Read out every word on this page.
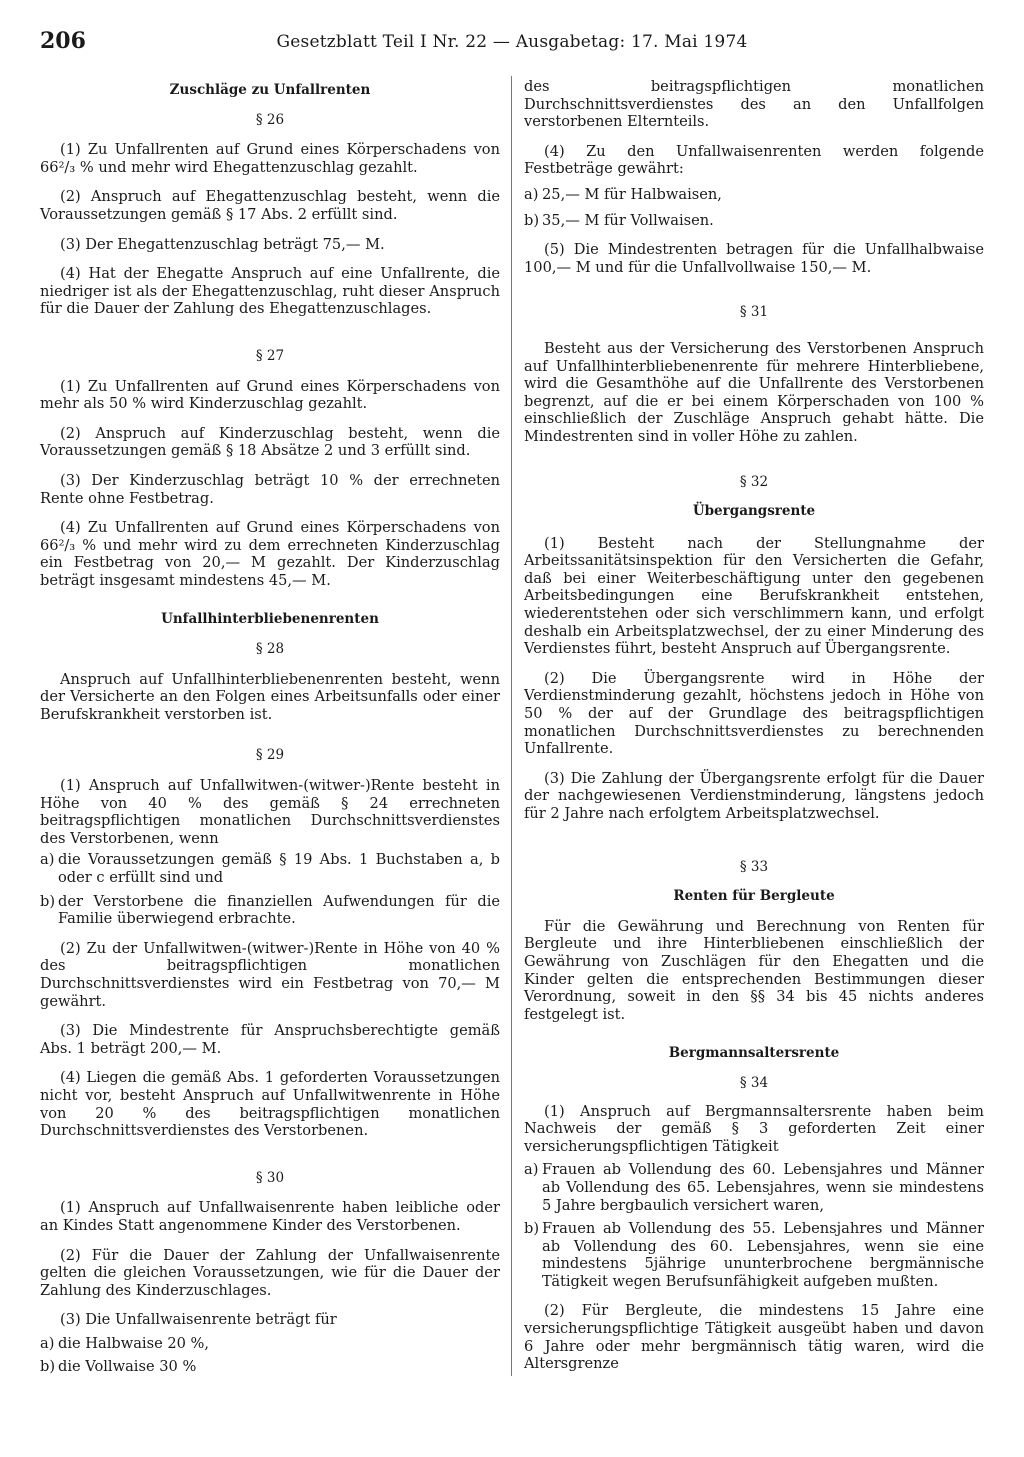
206	Gesetzblatt Teil I Nr. 22 — Ausgabetag: 17. Mai 1974
Zuschläge zu Unfallrenten
§ 26

(1) Zu Unfallrenten auf Grund eines Körperschadens von 66²/₃ % und mehr wird Ehegattenzuschlag gezahlt.

(2) Anspruch auf Ehegattenzuschlag besteht, wenn die Voraussetzungen gemäß § 17 Abs. 2 erfüllt sind.

(3) Der Ehegattenzuschlag beträgt 75,— M.

(4) Hat der Ehegatte Anspruch auf eine Unfallrente, die niedriger ist als der Ehegattenzuschlag, ruht dieser Anspruch für die Dauer der Zahlung des Ehegattenzuschlages.

§ 27

(1) Zu Unfallrenten auf Grund eines Körperschadens von mehr als 50 % wird Kinderzuschlag gezahlt.

(2) Anspruch auf Kinderzuschlag besteht, wenn die Voraussetzungen gemäß § 18 Absätze 2 und 3 erfüllt sind.

(3) Der Kinderzuschlag beträgt 10 % der errechneten Rente ohne Festbetrag.

(4) Zu Unfallrenten auf Grund eines Körperschadens von 66²/₃ % und mehr wird zu dem errechneten Kinderzuschlag ein Festbetrag von 20,— M gezahlt. Der Kinderzuschlag beträgt insgesamt mindestens 45,— M.

Unfallhinterbliebenenrenten
§ 28

Anspruch auf Unfallhinterbliebenenrenten besteht, wenn der Versicherte an den Folgen eines Arbeitsunfalls oder einer Berufskrankheit verstorben ist.

§ 29

(1) Anspruch auf Unfallwitwen-(witwer-)Rente besteht in Höhe von 40 % des gemäß § 24 errechneten beitragspflichtigen monatlichen Durchschnittsverdienstes des Verstorbenen, wenn

a) die Voraussetzungen gemäß § 19 Abs. 1 Buchstaben a, b oder c erfüllt sind und
b) der Verstorbene die finanziellen Aufwendungen für die Familie überwiegend erbrachte.

(2) Zu der Unfallwitwen-(witwer-)Rente in Höhe von 40 % des beitragspflichtigen monatlichen Durchschnittsverdienstes wird ein Festbetrag von 70,— M gewährt.

(3) Die Mindestrente für Anspruchsberechtigte gemäß Abs. 1 beträgt 200,— M.

(4) Liegen die gemäß Abs. 1 geforderten Voraussetzungen nicht vor, besteht Anspruch auf Unfallwitwenrente in Höhe von 20 % des beitragspflichtigen monatlichen Durchschnittsverdienstes des Verstorbenen.

§ 30

(1) Anspruch auf Unfallwaisenrente haben leibliche oder an Kindes Statt angenommene Kinder des Verstorbenen.

(2) Für die Dauer der Zahlung der Unfallwaisenrente gelten die gleichen Voraussetzungen, wie für die Dauer der Zahlung des Kinderzuschlages.

(3) Die Unfallwaisenrente beträgt für

a) die Halbwaise 20 %,
b) die Vollwaise 30 %

des beitragspflichtigen monatlichen Durchschnittsverdienstes des an den Unfallfolgen verstorbenen Elternteils.

(4) Zu den Unfallwaisenrenten werden folgende Festbeträge gewährt:

a) 25,— M für Halbwaisen,
b) 35,— M für Vollwaisen.

(5) Die Mindestrenten betragen für die Unfallhalbwaise 100,— M und für die Unfallvollwaise 150,— M.

§ 31

Besteht aus der Versicherung des Verstorbenen Anspruch auf Unfallhinterbliebenenrente für mehrere Hinterbliebene, wird die Gesamthöhe auf die Unfallrente des Verstorbenen begrenzt, auf die er bei einem Körperschaden von 100 % einschließlich der Zuschläge Anspruch gehabt hätte. Die Mindestrenten sind in voller Höhe zu zahlen.

§ 32
Übergangsrente

(1) Besteht nach der Stellungnahme der Arbeitssanitätsinspektion für den Versicherten die Gefahr, daß bei einer Weiterbeschäftigung unter den gegebenen Arbeitsbedingungen eine Berufskrankheit entstehen, wiederentstehen oder sich verschlimmern kann, und erfolgt deshalb ein Arbeitsplatzwechsel, der zu einer Minderung des Verdienstes führt, besteht Anspruch auf Übergangsrente.

(2) Die Übergangsrente wird in Höhe der Verdienstminderung gezahlt, höchstens jedoch in Höhe von 50 % der auf der Grundlage des beitragspflichtigen monatlichen Durchschnittsverdienstes zu berechnenden Unfallrente.

(3) Die Zahlung der Übergangsrente erfolgt für die Dauer der nachgewiesenen Verdienstminderung, längstens jedoch für 2 Jahre nach erfolgtem Arbeitsplatzwechsel.

§ 33
Renten für Bergleute

Für die Gewährung und Berechnung von Renten für Bergleute und ihre Hinterbliebenen einschließlich der Gewährung von Zuschlägen für den Ehegatten und die Kinder gelten die entsprechenden Bestimmungen dieser Verordnung, soweit in den §§ 34 bis 45 nichts anderes festgelegt ist.

Bergmannsaltersrente
§ 34

(1) Anspruch auf Bergmannsaltersrente haben beim Nachweis der gemäß § 3 geforderten Zeit einer versicherungspflichtigen Tätigkeit

a) Frauen ab Vollendung des 60. Lebensjahres und Männer ab Vollendung des 65. Lebensjahres, wenn sie mindestens 5 Jahre bergbaulich versichert waren,
b) Frauen ab Vollendung des 55. Lebensjahres und Männer ab Vollendung des 60. Lebensjahres, wenn sie eine mindestens 5jährige ununterbrochene bergmännische Tätigkeit wegen Berufsunfähigkeit aufgeben mußten.

(2) Für Bergleute, die mindestens 15 Jahre eine versicherungspflichtige Tätigkeit ausgeübt haben und davon 6 Jahre oder mehr bergmännisch tätig waren, wird die Altersgrenze
